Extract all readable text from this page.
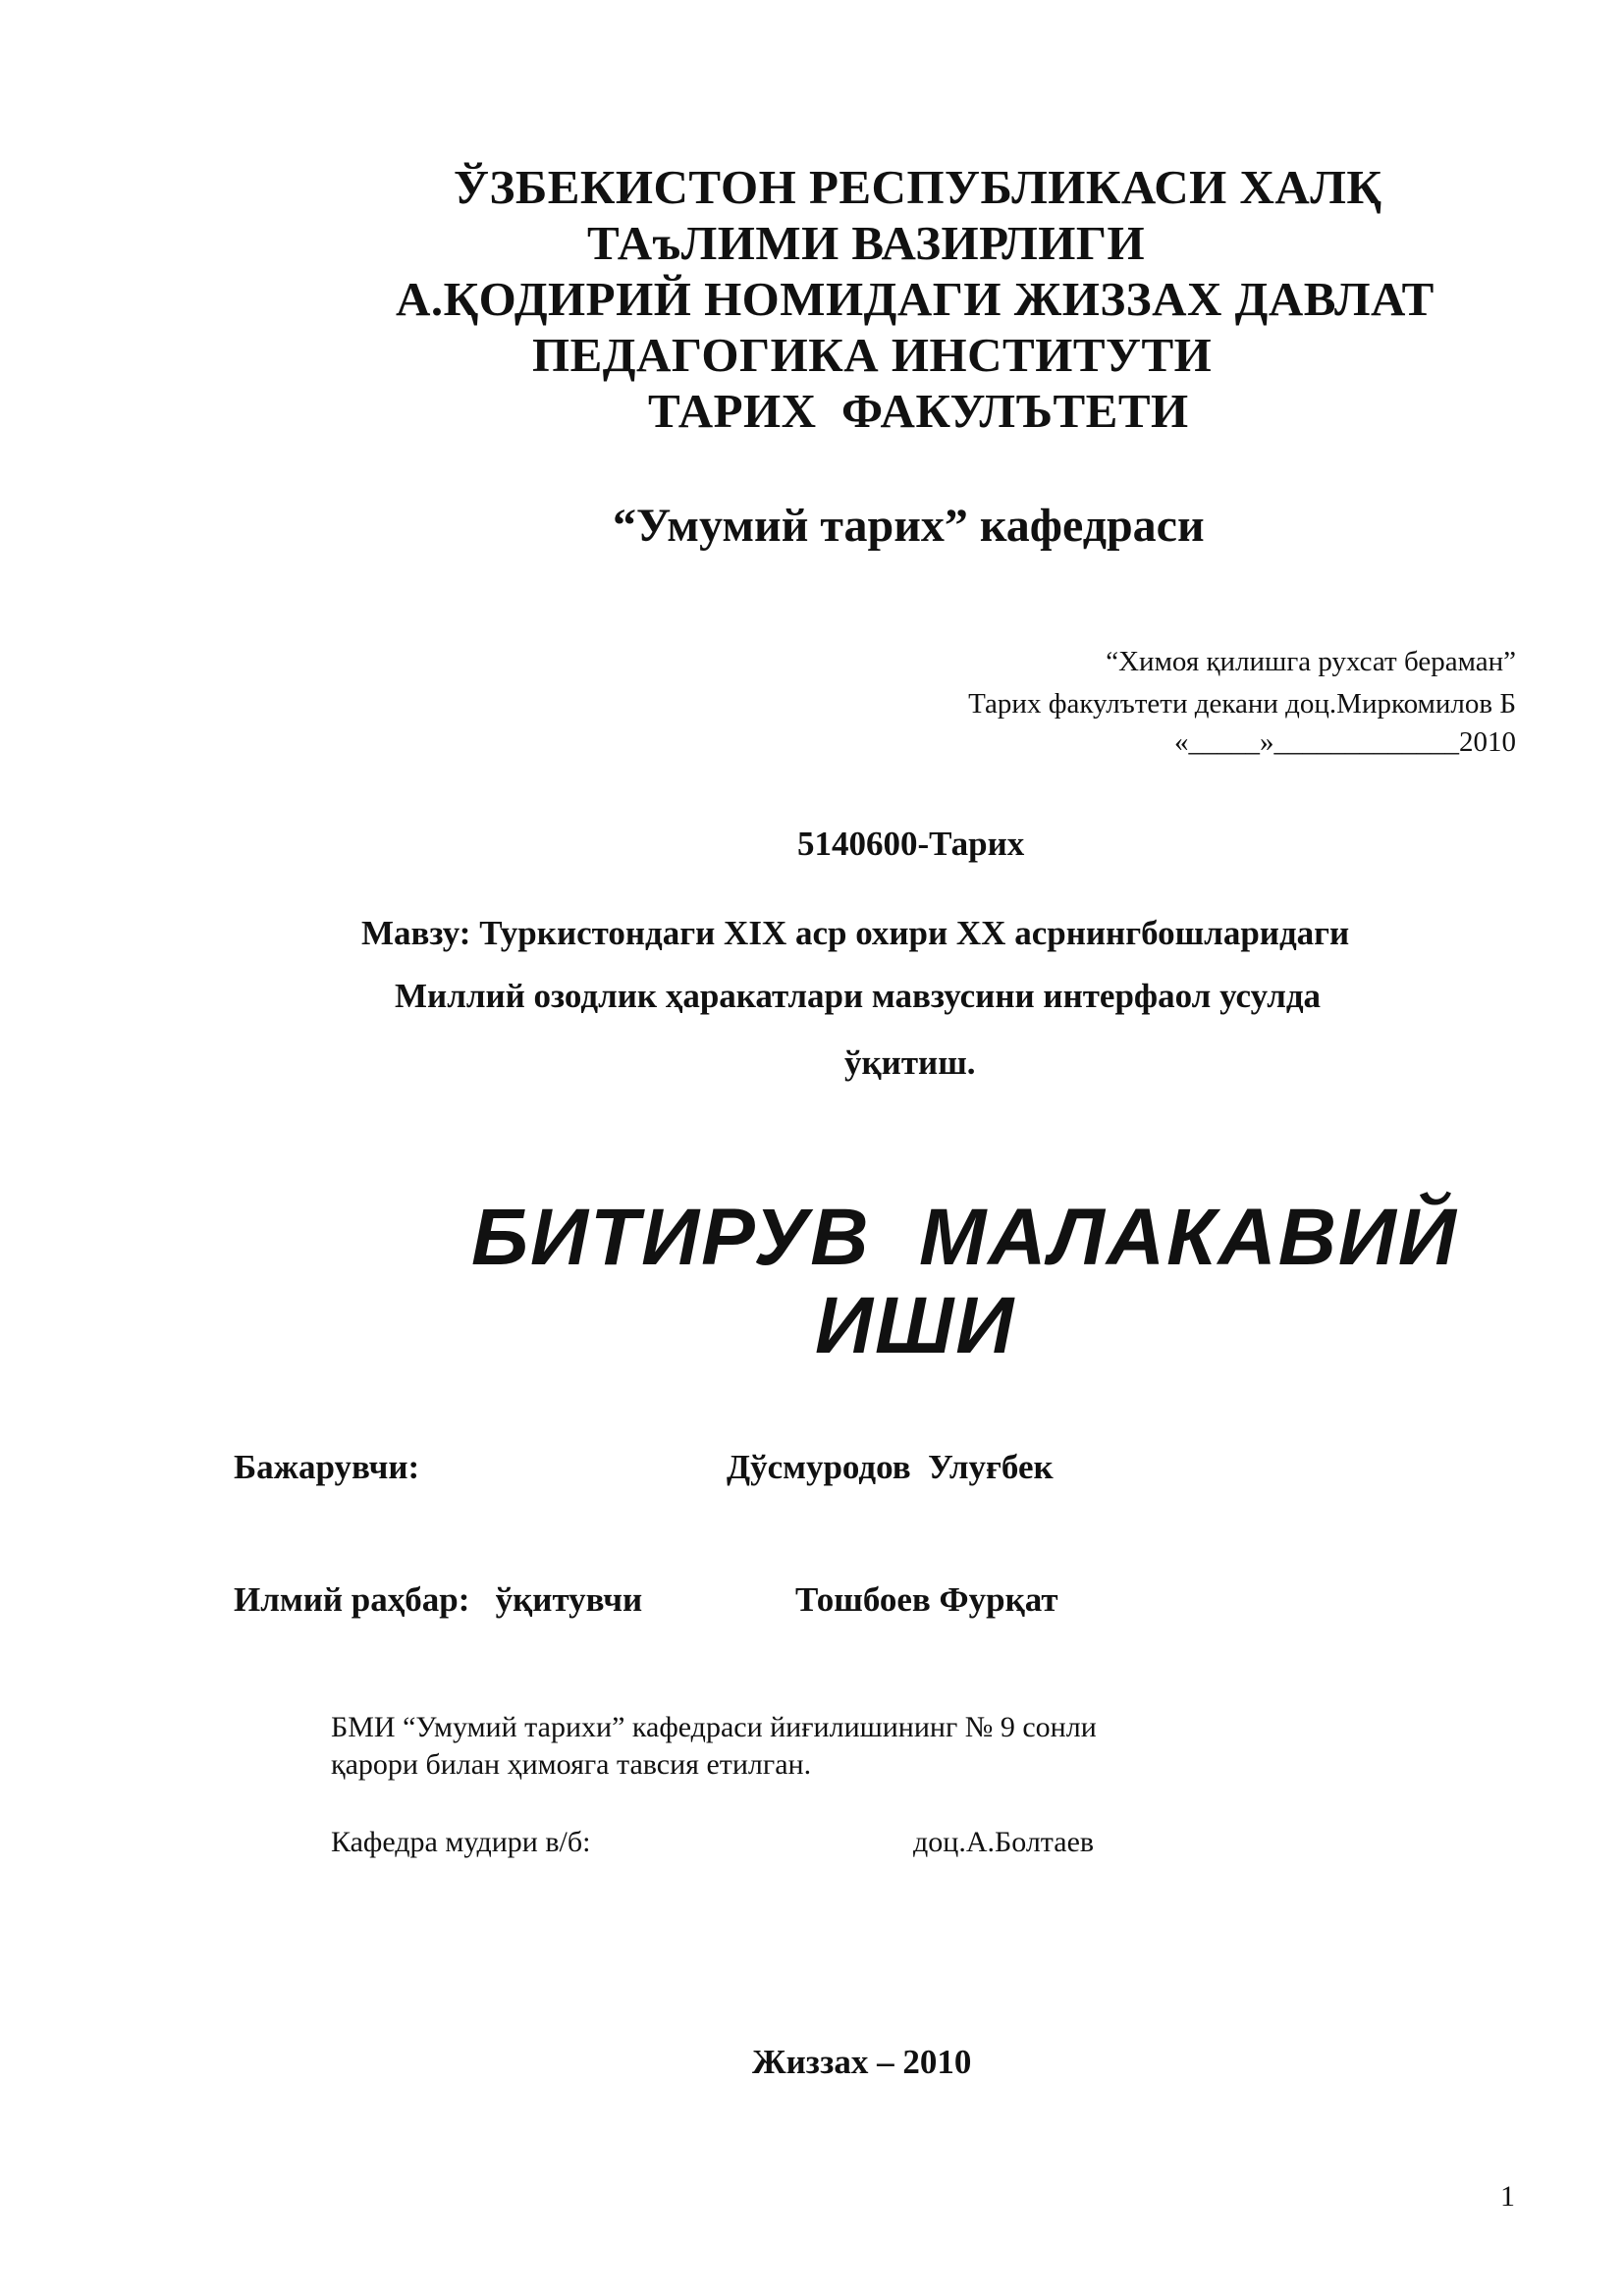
ЎЗБЕКИСТОН РЕСПУБЛИКАСИ ХАЛҚ
ТАъЛИМИ ВАЗИРЛИГИ
А.ҚОДИРИЙ НОМИДАГИ ЖИЗЗАХ ДАВЛАТ
ПЕДАГОГИКА ИНСТИТУТИ
ТАРИХ  ФАКУЛЪТЕТИ
“Умумий тарих” кафедраси
“Химоя қилишга рухсат бераман”
Тарих факулътети декани доц.Миркомилов Б
«_____»_____________2010
5140600-Тарих
Мавзу: Туркистондаги XIX аср охири XX асрнингбошларидаги
Миллий озодлик ҳаракатлари мавзусини интерфаол усулда
ўқитиш.
БИТИРУВ  МАЛАКАВИЙ
ИШИ
Бажарувчи:	Дўсмуродов  Улуғбек
Илмий раҳбар:   ўқитувчи	Тошбоев Фурқат
БМИ “Умумий тарихи” кафедраси йиғилишининг № 9 сонли
қарори билан ҳимояга тавсия етилган.
Кафедра мудири в/б:	доц.А.Болтаев
Жиззах – 2010
1
